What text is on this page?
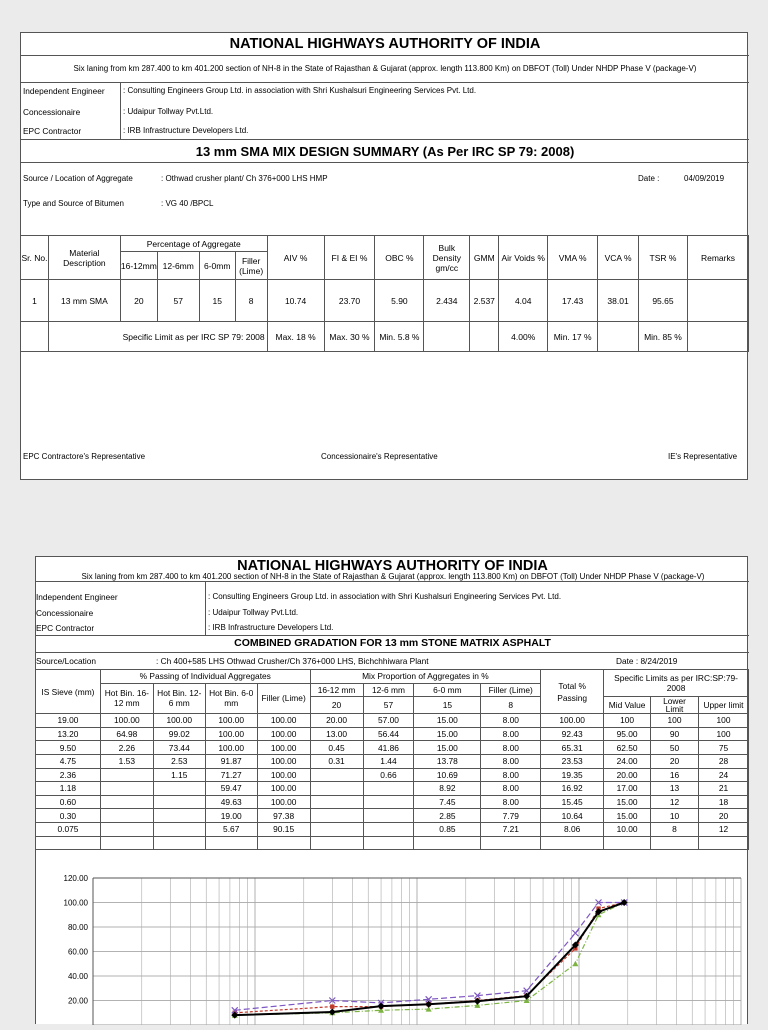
NATIONAL HIGHWAYS AUTHORITY OF INDIA
Six laning from km 287.400 to km 401.200 section of NH-8 in the State of Rajasthan & Gujarat (approx. length 113.800 Km) on DBFOT (Toll) Under NHDP Phase V (package-V)
Independent Engineer : Consulting Engineers Group Ltd. in association with Shri Kushalsuri Engineering Services Pvt. Ltd.
Concessionaire	: Udaipur Tollway Pvt.Ltd.
EPC Contractor	: IRB Infrastructure Developers Ltd.
13 mm SMA MIX DESIGN SUMMARY (As Per IRC SP 79: 2008)
Source / Location of Aggregate	: Othwad crusher plant/ Ch 376+000 LHS HMP	Date :	04/09/2019
Type and Source of Bitumen	: VG 40 /BPCL
Sr. No.	Material Description	Percentage of Aggregate				AIV %	FI & EI %	OBC %	Bulk Density gm/cc	GMM	Air Voids %	VMA %	VCA %	TSR %	Remarks
		16-12mm	12-6mm	6-0mm	Filler (Lime)										
1	13 mm SMA	20	57	15	8	10.74	23.70	5.90	2.434	2.537	4.04	17.43	38.01	95.65	
	Specific Limit as per IRC SP 79: 2008					Max. 18 %	Max. 30 %	Min. 5.8 %			4.00%	Min. 17 %		Min. 85 %	
EPC Contractore's Representative	Concessionaire's Representative	IE's Representative
NATIONAL HIGHWAYS AUTHORITY OF INDIA
Six laning from km 287.400 to km 401.200 section of NH-8 in the State of Rajasthan & Gujarat (approx. length 113.800 Km) on DBFOT (Toll) Under NHDP Phase V (package-V)
Independent Engineer	: Consulting Engineers Group Ltd. in association with Shri Kushalsuri Engineering Services Pvt. Ltd.
Concessionaire	: Udaipur Tollway Pvt.Ltd.
EPC Contractor	: IRB Infrastructure Developers Ltd.
COMBINED GRADATION FOR 13 mm STONE MATRIX ASPHALT
Source/Location	: Ch 400+585 LHS Othwad Crusher/Ch 376+000 LHS, Bichchhiwara Plant	Date : 8/24/2019
IS Sieve (mm)	% Passing of Individual Aggregates				Mix Proportion of Aggregates in %				Total % Passing	Specific Limits as per IRC:SP:79-2008		
	Hot Bin. 16-12 mm	Hot Bin. 12-6 mm	Hot Bin. 6-0 mm	Filler (Lime)	16-12 mm	12-6 mm	6-0 mm	Filler (Lime)				
					20	57	15	8		Mid Value	Lower Limit	Upper limit
19.00	100.00	100.00	100.00	100.00	20.00	57.00	15.00	8.00	100.00	100	100	100
13.20	64.98	99.02	100.00	100.00	13.00	56.44	15.00	8.00	92.43	95.00	90	100
9.50	2.26	73.44	100.00	100.00	0.45	41.86	15.00	8.00	65.31	62.50	50	75
4.75	1.53	2.53	91.87	100.00	0.31	1.44	13.78	8.00	23.53	24.00	20	28
2.36		1.15	71.27	100.00		0.66	10.69	8.00	19.35	20.00	16	24
1.18			59.47	100.00			8.92	8.00	16.92	17.00	13	21
0.60			49.63	100.00			7.45	8.00	15.45	15.00	12	18
0.30			19.00	97.38			2.85	7.79	10.64	15.00	10	20
0.075			5.67	90.15			0.85	7.21	8.06	10.00	8	12

120.00
100.00
80.00
60.00
40.00
20.00
